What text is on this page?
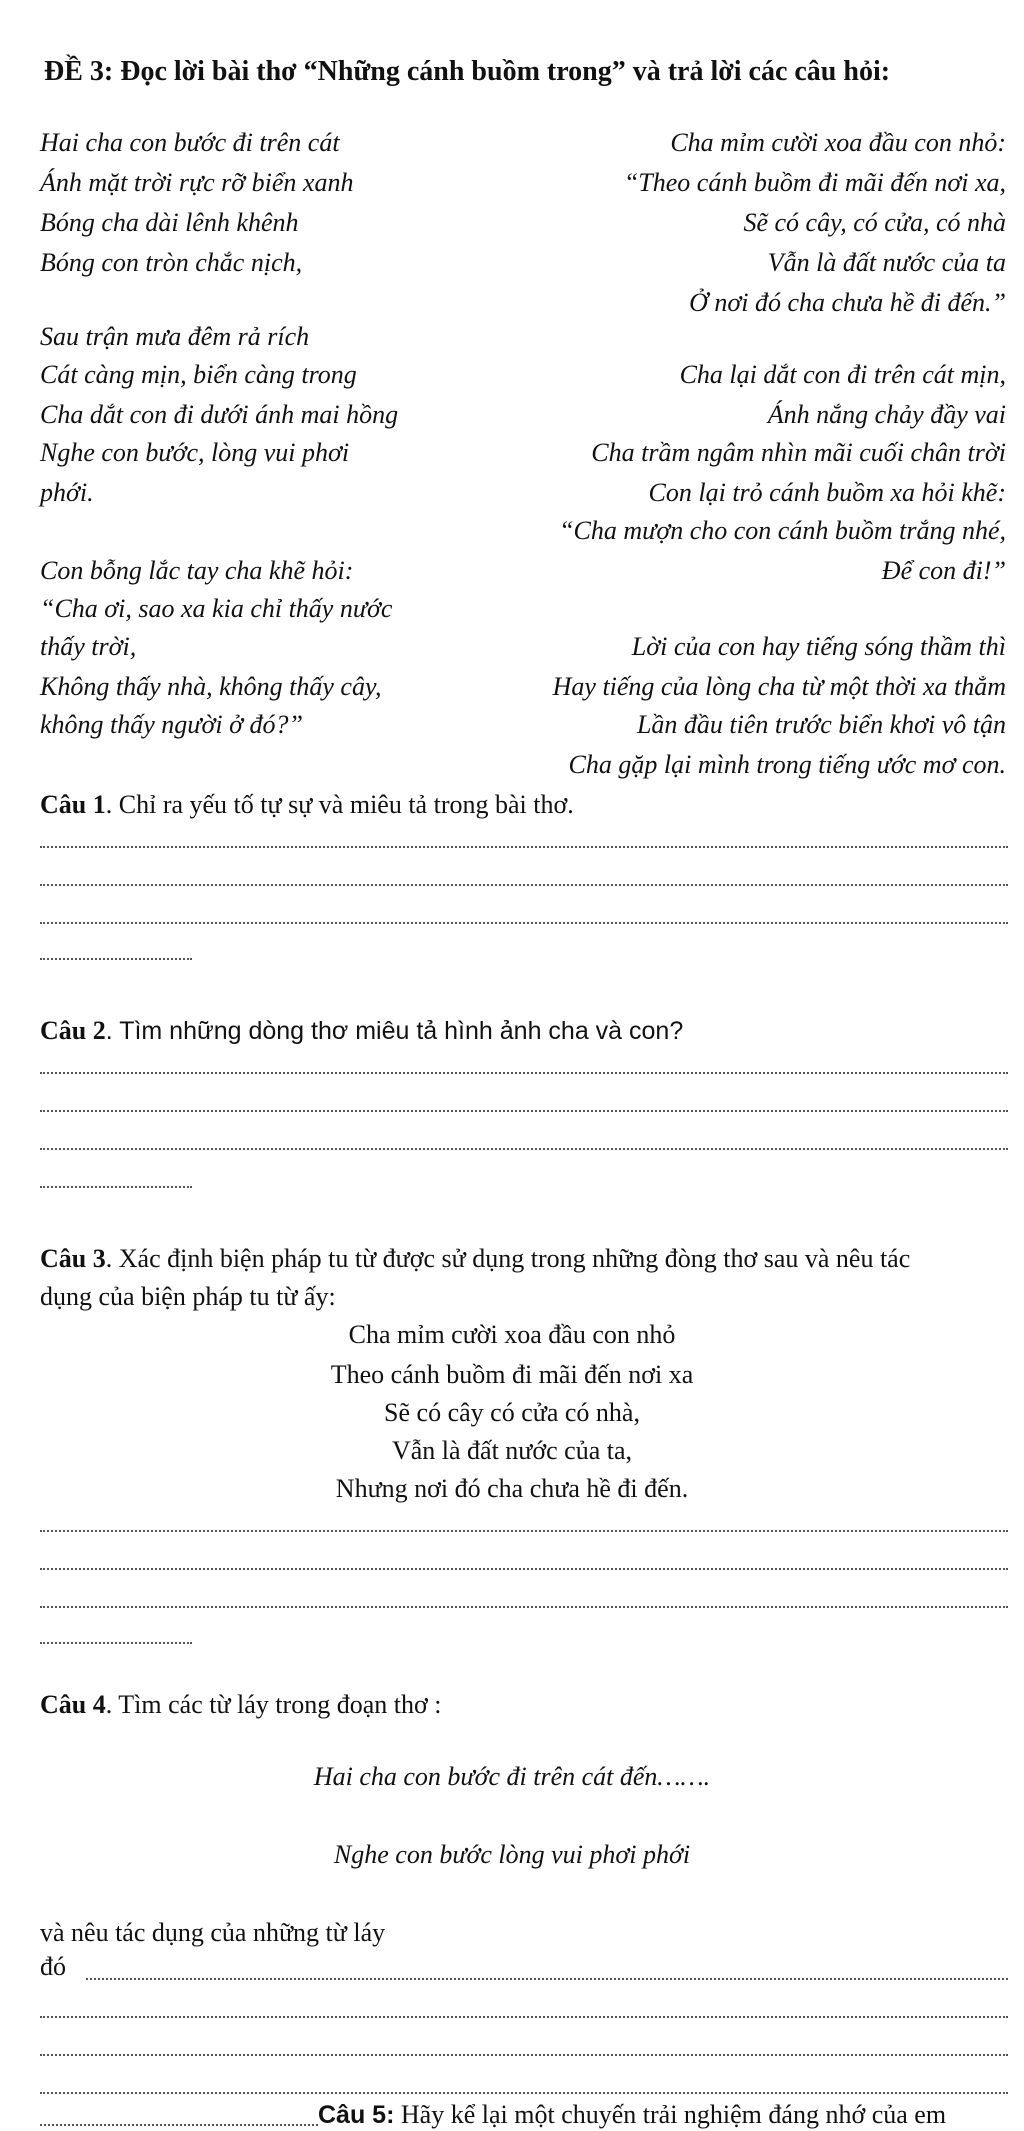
ĐỀ 3: Đọc lời bài thơ “Những cánh buồm trong” và trả lời các câu hỏi:
Hai cha con bước đi trên cát
Ánh mặt trời rực rỡ biển xanh
Bóng cha dài lênh khênh
Bóng con tròn chắc nịch,
Sau trận mưa đêm rả rích
Cát càng mịn, biển càng trong
Cha dắt con đi dưới ánh mai hồng
Nghe con bước, lòng vui phơi
phới.
Con bỗng lắc tay cha khẽ hỏi:
“Cha ơi, sao xa kia chỉ thấy nước
thấy trời,
Không thấy nhà, không thấy cây,
không thấy người ở đó?”
Cha mỉm cười xoa đầu con nhỏ:
“Theo cánh buồm đi mãi đến nơi xa,
Sẽ có cây, có cửa, có nhà
Vẫn là đất nước của ta
Ở nơi đó cha chưa hề đi đến.”
Cha lại dắt con đi trên cát mịn,
Ánh nắng chảy đầy vai
Cha trầm ngâm nhìn mãi cuối chân trời
Con lại trỏ cánh buồm xa hỏi khẽ:
“Cha mượn cho con cánh buồm trắng nhé,
Để con đi!”
Lời của con hay tiếng sóng thầm thì
Hay tiếng của lòng cha từ một thời xa thẳm
Lần đầu tiên trước biển khơi vô tận
Cha gặp lại mình trong tiếng ước mơ con.
Câu 1. Chỉ ra yếu tố tự sự và miêu tả trong bài thơ.
Câu 2. Tìm những dòng thơ miêu tả hình ảnh cha và con?
Câu 3. Xác định biện pháp tu từ được sử dụng trong những đòng thơ sau và nêu tác
dụng của biện pháp tu từ ấy:
Cha mỉm cười xoa đầu con nhỏ
Theo cánh buồm đi mãi đến nơi xa
Sẽ có cây có cửa có nhà,
Vẫn là đất nước của ta,
Nhưng nơi đó cha chưa hề đi đến.
Câu 4. Tìm các từ láy trong đoạn thơ :
Hai cha con bước đi trên cát đến…….
Nghe con bước lòng vui phơi phới
và nêu tác dụng của những từ láy
đó
Câu 5: Hãy kể lại một chuyến trải nghiệm đáng nhớ của em
